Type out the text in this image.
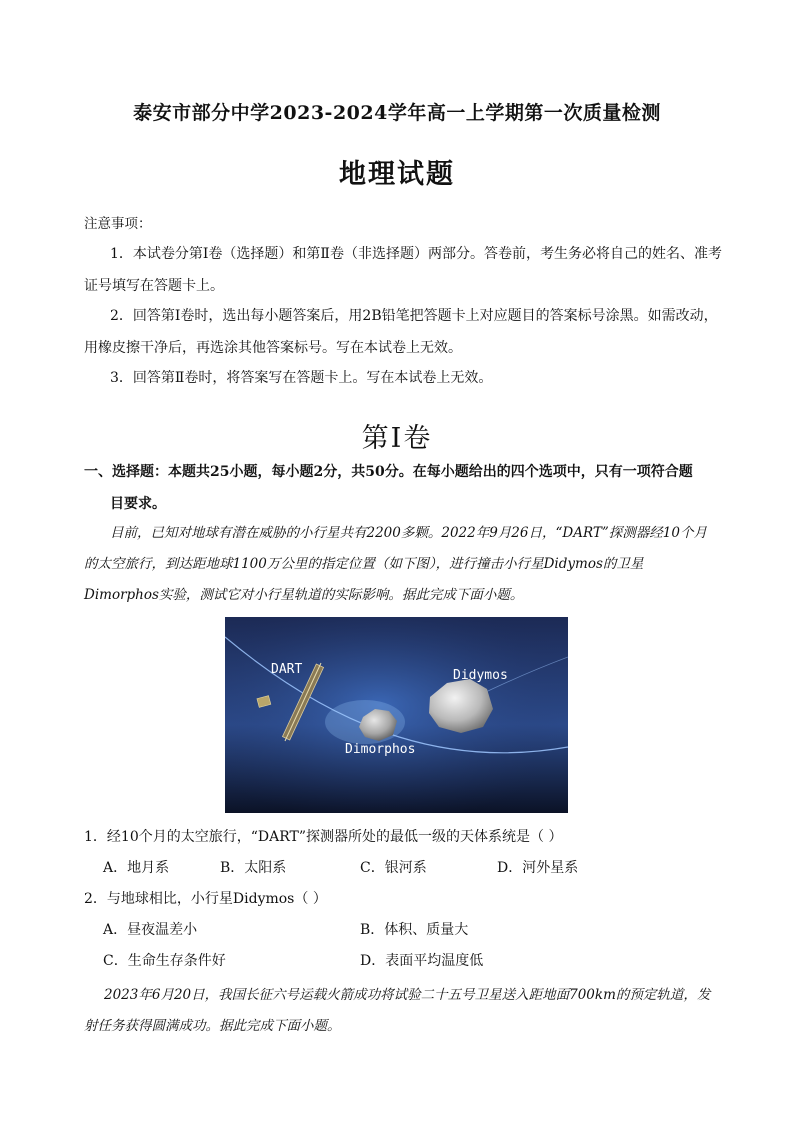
泰安市部分中学2023-2024学年高一上学期第一次质量检测
地理试题
注意事项：
1．本试卷分第Ⅰ卷（选择题）和第Ⅱ卷（非选择题）两部分。答卷前，考生务必将自己的姓名、准考证号填写在答题卡上。
2．回答第Ⅰ卷时，选出每小题答案后，用2B铅笔把答题卡上对应题目的答案标号涂黑。如需改动，用橡皮擦干净后，再选涂其他答案标号。写在本试卷上无效。
3．回答第Ⅱ卷时，将答案写在答题卡上。写在本试卷上无效。
第Ⅰ卷
一、选择题：本题共25小题，每小题2分，共50分。在每小题给出的四个选项中，只有一项符合题
目要求。
目前，已知对地球有潜在威胁的小行星共有2200多颗。2022年9月26日，“DART”探测器经10个月的太空旅行，到达距地球1100万公里的指定位置（如下图），进行撞击小行星Didymos的卫星Dimorphos实验，测试它对小行星轨道的实际影响。据此完成下面小题。
DART	Didymos
Dimorphos
1．经10个月的太空旅行，“DART”探测器所处的最低一级的天体系统是（ ）
A．地月系	B．太阳系	C．银河系	D．河外星系
2．与地球相比，小行星Didymos（ ）
A．昼夜温差小	B．体积、质量大
C．生命生存条件好	D．表面平均温度低
2023年6月20日，我国长征六号运载火箭成功将试验二十五号卫星送入距地面700km的预定轨道，发射任务获得圆满成功。据此完成下面小题。
